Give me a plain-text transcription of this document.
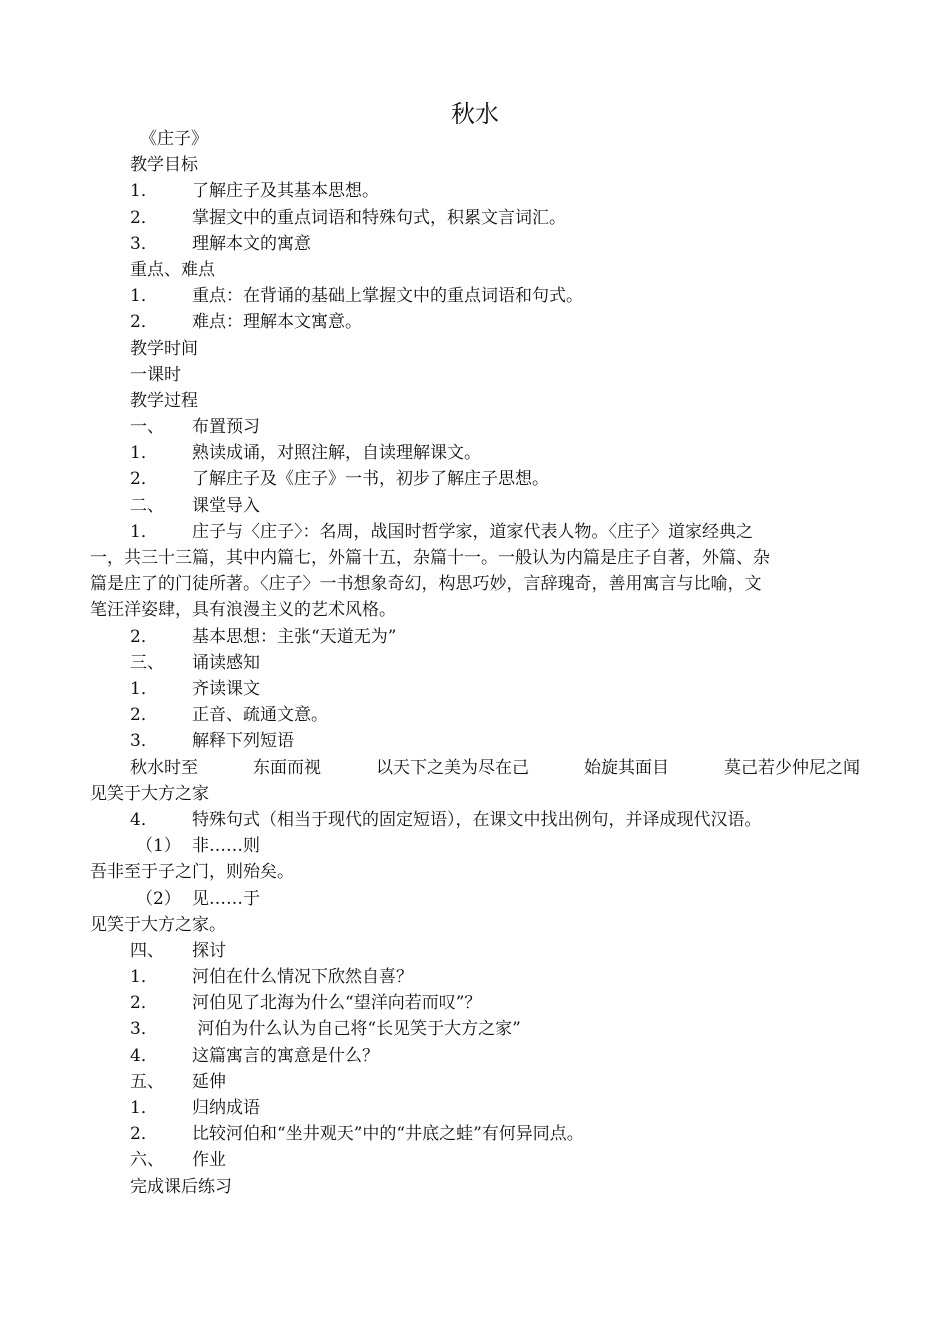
秋水
《庄子》
教学目标
1． 了解庄子及其基本思想。
2． 掌握文中的重点词语和特殊句式，积累文言词汇。
3． 理解本文的寓意
重点、难点
1． 重点：在背诵的基础上掌握文中的重点词语和句式。
2． 难点：理解本文寓意。
教学时间
一课时
教学过程
一、 布置预习
1． 熟读成诵，对照注解，自读理解课文。
2． 了解庄子及《庄子》一书，初步了解庄子思想。
二、 课堂导入
1． 庄子与〈庄子〉：名周，战国时哲学家，道家代表人物。〈庄子〉道家经典之
一，共三十三篇，其中内篇七，外篇十五，杂篇十一。一般认为内篇是庄子自著，外篇、杂
篇是庄了的门徒所著。〈庄子〉一书想象奇幻，构思巧妙，言辞瑰奇，善用寓言与比喻，文
笔汪洋姿肆，具有浪漫主义的艺术风格。
2． 基本思想：主张“天道无为”
三、 诵读感知
1． 齐读课文
2． 正音、疏通文意。
3． 解释下列短语
秋水时至	东面而视	以天下之美为尽在己	始旋其面目	莫己若少仲尼之闻
见笑于大方之家
4． 特殊句式（相当于现代的固定短语），在课文中找出例句，并译成现代汉语。
（1） 非……则
吾非至于子之门，则殆矣。
（2） 见……于
见笑于大方之家。
四、 探讨
1． 河伯在什么情况下欣然自喜？
2． 河伯见了北海为什么“望洋向若而叹”？
3． 河伯为什么认为自己将“长见笑于大方之家”
4． 这篇寓言的寓意是什么？
五、 延伸
1． 归纳成语
2． 比较河伯和“坐井观天”中的“井底之蛙”有何异同点。
六、 作业
完成课后练习
